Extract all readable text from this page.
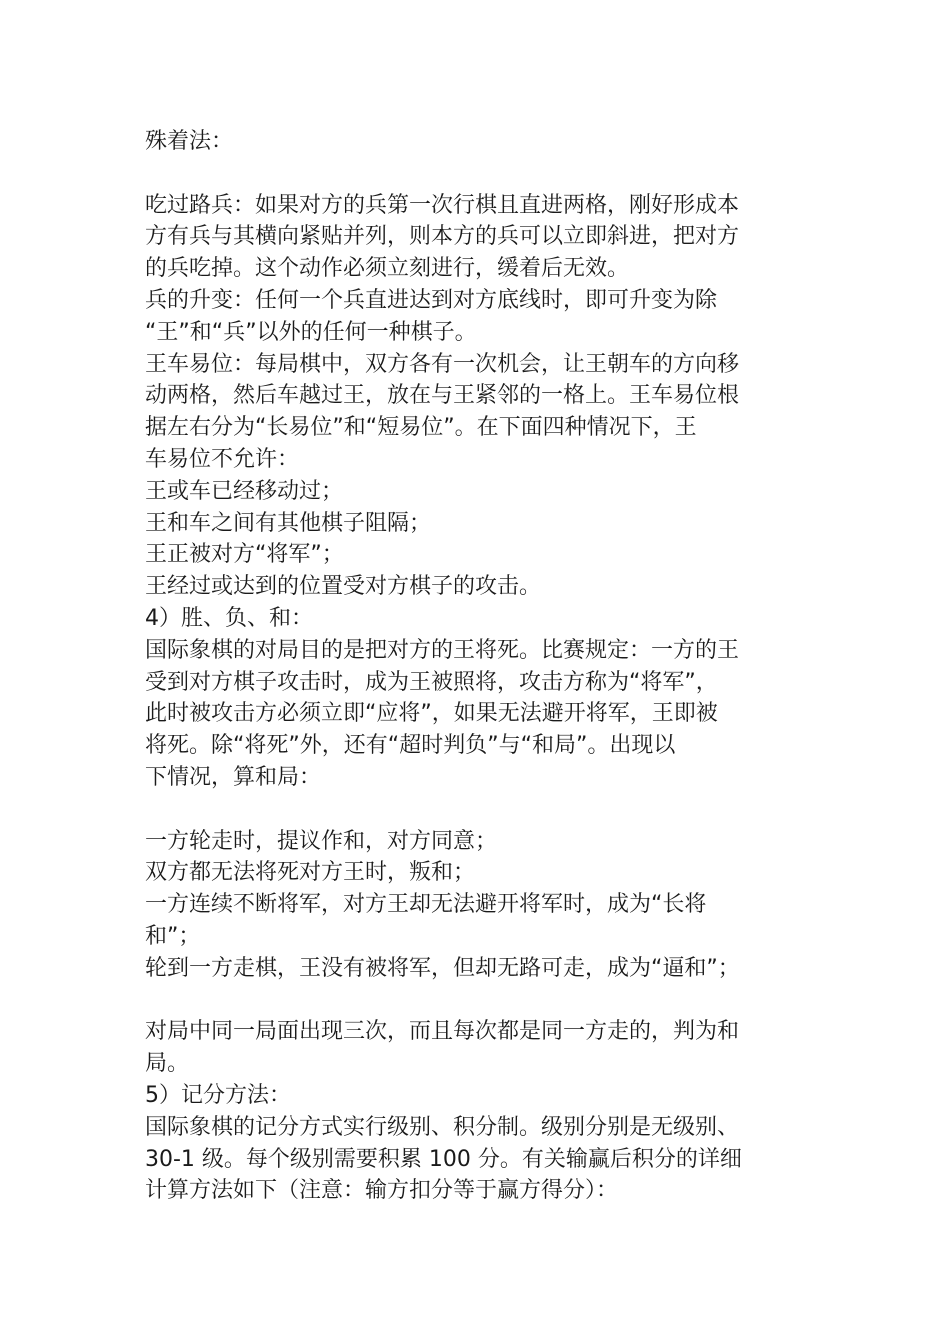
殊着法：
吃过路兵：如果对方的兵第一次行棋且直进两格，刚好形成本
方有兵与其横向紧贴并列，则本方的兵可以立即斜进，把对方
的兵吃掉。这个动作必须立刻进行，缓着后无效。
兵的升变：任何一个兵直进达到对方底线时，即可升变为除
“王”和“兵”以外的任何一种棋子。
王车易位：每局棋中，双方各有一次机会，让王朝车的方向移
动两格，然后车越过王，放在与王紧邻的一格上。王车易位根
据左右分为“长易位”和“短易位”。在下面四种情况下，王
车易位不允许：
王或车已经移动过；
王和车之间有其他棋子阻隔；
王正被对方“将军”；
王经过或达到的位置受对方棋子的攻击。
4）胜、负、和：
国际象棋的对局目的是把对方的王将死。比赛规定：一方的王
受到对方棋子攻击时，成为王被照将，攻击方称为“将军”，
此时被攻击方必须立即“应将”，如果无法避开将军，王即被
将死。除“将死”外，还有“超时判负”与“和局”。出现以
下情况，算和局：
一方轮走时，提议作和，对方同意；
双方都无法将死对方王时，叛和；
一方连续不断将军，对方王却无法避开将军时，成为“长将
和”；
轮到一方走棋，王没有被将军，但却无路可走，成为“逼和”；
对局中同一局面出现三次，而且每次都是同一方走的，判为和
局。
5）记分方法：
国际象棋的记分方式实行级别、积分制。级别分别是无级别、
30-1 级。每个级别需要积累 100 分。有关输赢后积分的详细
计算方法如下（注意：输方扣分等于赢方得分）：
